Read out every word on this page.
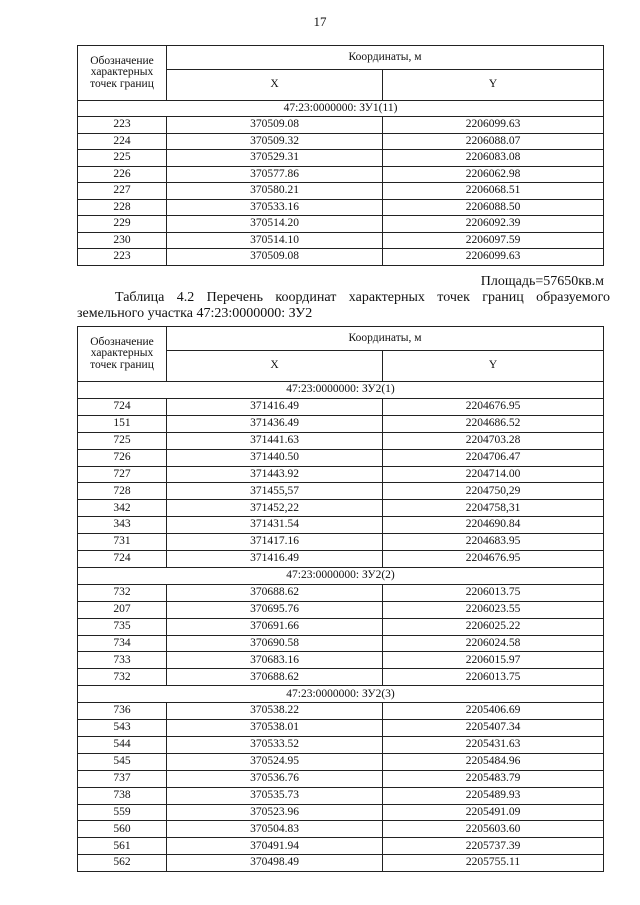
17
Обозначение характерных точек границ	Координаты, м	
	X	Y
47:23:0000000: ЗУ1(11)		
223	370509.08	2206099.63
224	370509.32	2206088.07
225	370529.31	2206083.08
226	370577.86	2206062.98
227	370580.21	2206068.51
228	370533.16	2206088.50
229	370514.20	2206092.39
230	370514.10	2206097.59
223	370509.08	2206099.63
Площадь=57650кв.м
Таблица 4.2 Перечень координат характерных точек границ образуемого земельного участка 47:23:0000000: ЗУ2
Обозначение характерных точек границ	Координаты, м	
	X	Y
47:23:0000000: ЗУ2(1)		
724	371416.49	2204676.95
151	371436.49	2204686.52
725	371441.63	2204703.28
726	371440.50	2204706.47
727	371443.92	2204714.00
728	371455,57	2204750,29
342	371452,22	2204758,31
343	371431.54	2204690.84
731	371417.16	2204683.95
724	371416.49	2204676.95
47:23:0000000: ЗУ2(2)		
732	370688.62	2206013.75
207	370695.76	2206023.55
735	370691.66	2206025.22
734	370690.58	2206024.58
733	370683.16	2206015.97
732	370688.62	2206013.75
47:23:0000000: ЗУ2(3)		
736	370538.22	2205406.69
543	370538.01	2205407.34
544	370533.52	2205431.63
545	370524.95	2205484.96
737	370536.76	2205483.79
738	370535.73	2205489.93
559	370523.96	2205491.09
560	370504.83	2205603.60
561	370491.94	2205737.39
562	370498.49	2205755.11
